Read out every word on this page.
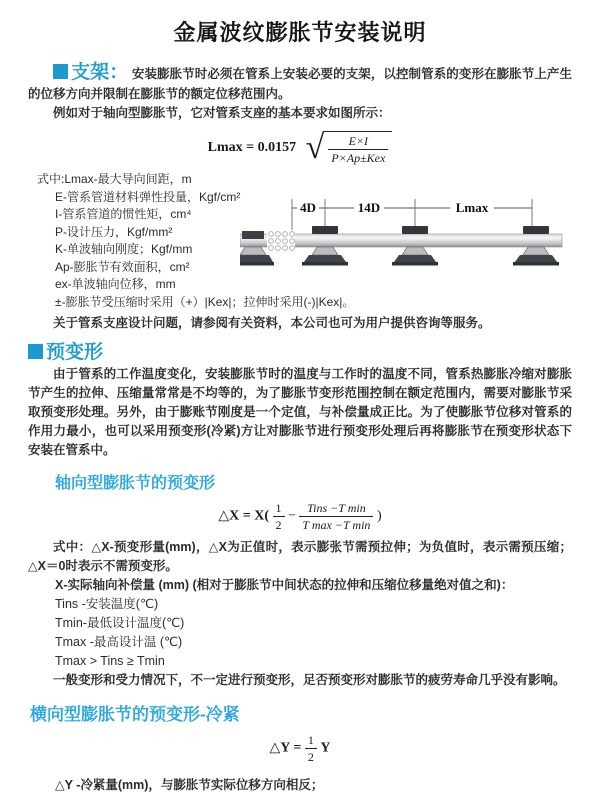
金属波纹膨胀节安装说明

支架： 安装膨胀节时必须在管系上安装必要的支架，以控制管系的变形在膨胀节上产生的位移方向并限制在膨胀节的额定位移范围内。

例如对于轴向型膨胀节，它对管系支座的基本要求如图所示：

Lmax = 0.0157 √ $\frac{E\times I}{\text{P×Ap±Kex}}$
式中:Lmax-最大导向间距，m
E-管系管道材料弹性投量，Kgf/cm²
I-管系管道的惯性矩，cm⁴
P-设计压力，Kgf/mm²
K-单波轴向刚度；Kgf/mm
Ap-膨胀节有效面积，cm²
ex-单波轴向位移，mm
4D	14D	Lmax
±-膨胀节受压缩时采用（+）|Kex|；拉伸时采用(-)|Kex|。

关于管系支座设计问题，请参阅有关资料，本公司也可为用户提供咨询等服务。

预变形

由于管系的工作温度变化，安装膨胀节时的温度与工作时的温度不同，管系热膨胀冷缩对膨胀节产生的拉伸、压缩量常常是不均等的，为了膨胀节变形范围控制在额定范围内，需要对膨胀节采取预变形处理。另外，由于膨账节刚度是一个定值，与补偿量成正比。为了使膨胀节位移对管系的作用力最小，也可以采用预变形(冷紧)方让对膨胀节进行预变形处理后再将膨胀节在预变形状态下安装在管系中。

轴向型膨胀节的预变形
△X = $X( \frac{1}{2} - \frac{\text{Tins −T min}}{\text{T max −T min}}$ )

式中：△X-预变形量(mm)，△X为正值时，表示膨张节需预拉伸；为负值时，表示需预压缩；△X＝0时表示不需预变形。

X-实际轴向补偿量 (mm) (相对于膨胀节中间状态的拉伸和压缩位移量绝对值之和)：

Tins -安装温度(℃)
Tmin-最低设计温度(℃)
Tmax -最高设计温 (℃)
Tmax > Tins ≥ Tmin

一般变形和受力情况下，不一定进行预变形，足否预变形对膨胀节的疲劳寿命几乎没有影响。

横向型膨胀节的预变形-冷紧
△Y = $\frac{1}{2}$ Y

△Y -冷紧量(mm)，与膨胀节实际位移方向相反；
